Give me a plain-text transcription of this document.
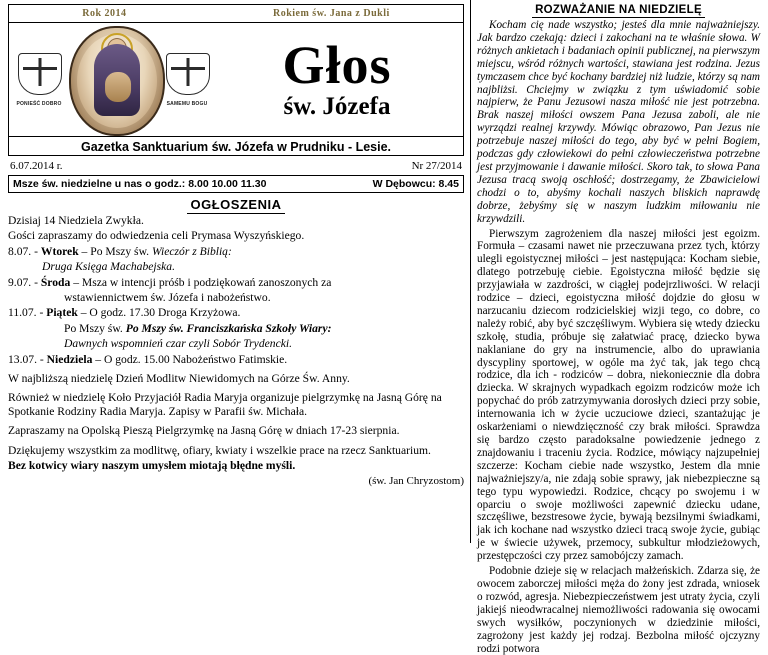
Rok 2014	Rokiem św. Jana z Dukli
PONIEŚĆ DOBRO	SAMEMU BOGU
Głos
św. Józefa
Gazetka Sanktuarium św. Józefa w Prudniku - Lesie.
6.07.2014 r.	Nr 27/2014
Msze św. niedzielne u nas o godz.: 8.00 10.00 11.30	W Dębowcu: 8.45
OGŁOSZENIA

Dzisiaj 14 Niedziela Zwykła.

Gości zapraszamy do odwiedzenia celi Prymasa Wyszyńskiego.

8.07. - Wtorek – Po Mszy św. Wieczór z Biblią:

Druga Księga Machabejska.

9.07. - Środa – Msza w intencji próśb i podziękowań zanoszonych za

wstawiennictwem św. Józefa i nabożeństwo.

11.07. - Piątek – O godz. 17.30 Droga Krzyżowa.

Po Mszy św. Po Mszy św. Franciszkańska Szkoły Wiary:

Dawnych wspomnień czar czyli Sobór Trydencki.

13.07. - Niedziela – O godz. 15.00 Nabożeństwo Fatimskie.

W najbliższą niedzielę Dzień Modlitw Niewidomych na Górze Św. Anny.

Również w niedzielę Koło Przyjaciół Radia Maryja organizuje pielgrzymkę na Jasną Górę na Spotkanie Rodziny Radia Maryja. Zapisy w Parafii św. Michała.

Zapraszamy na Opolską Pieszą Pielgrzymkę na Jasną Górę w dniach 17-23 sierpnia.

Dziękujemy wszystkim za modlitwę, ofiary, kwiaty i wszelkie prace na rzecz Sanktuarium.

Bez kotwicy wiary naszym umysłem miotają błędne myśli.

(św. Jan Chryzostom)

ROZWAŻANIE NA NIEDZIELĘ

Kocham cię nade wszystko; jesteś dla mnie najważniejszy. Jak bardzo czekają: dzieci i zakochani na te właśnie słowa. W różnych ankietach i badaniach opinii publicznej, na pierwszym miejscu, wśród różnych wartości, stawiana jest rodzina. Jezus tymczasem chce być kochany bardziej niż ludzie, którzy są nam najbliżsi. Chciejmy w związku z tym uświadomić sobie najpierw, że Panu Jezusowi nasza miłość nie jest potrzebna. Brak naszej miłości owszem Pana Jezusa zaboli, ale nie wyrządzi realnej krzywdy. Mówiąc obrazowo, Pan Jezus nie potrzebuje naszej miłości do tego, aby być w pełni Bogiem, podczas gdy człowiekowi do pełni człowieczeństwa potrzebne jest przyjmowanie i dawanie miłości. Skoro tak, to słowa Pana Jezusa tracą swoją oschłość; dostrzegamy, że Zbawicielowi chodzi o to, abyśmy kochali naszych bliskich naprawdę dobrze, żebyśmy się w naszym ludzkim miłowaniu nie krzywdzili.

Pierwszym zagrożeniem dla naszej miłości jest egoizm. Formuła – czasami nawet nie przeczuwana przez tych, którzy ulegli egoistycznej miłości – jest następująca: Kocham siebie, dlatego potrzebuję ciebie. Egoistyczna miłość będzie się przyjawiała w zazdrości, w ciągłej podejrzliwości. W relacji rodzice – dzieci, egoistyczna miłość dojdzie do głosu w narzucaniu dziecom rodzicielskiej wizji tego, co dobre, co należy robić, aby być szczęśliwym. Wybiera się wtedy dziecku szkołę, studia, próbuje się załatwiać pracę, dziecko bywa naklaniane do gry na instrumencie, albo do uprawiania dyscypliny sportowej, w ogóle ma żyć tak, jak tego chcą rodzice, dla ich - rodziców – dobra, niekoniecznie dla dobra dziecka. W skrajnych wypadkach egoizm rodziców może ich popychać do prób zatrzymywania dorosłych dzieci przy sobie, internowania ich w życie uczuciowe dzieci, szantażując je oskarżeniami o niewdzięczność czy brak miłości. Sprawdza się bardzo często paradoksalne powiedzenie jednego z znajdowaniu i traceniu życia. Rodzice, mówiący najzupełniej szczerze: Kocham ciebie nade wszystko, Jestem dla mnie najważniejszy/a, nie zdają sobie sprawy, jak niebezpieczne są tego typu wypowiedzi. Rodzice, chcący po swojemu i w oparciu o swoje możliwości zapewnić dziecku udane, szczęśliwe, bezstresowe życie, bywają bezsilnymi świadkami, jak ich kochane nad wszystko dzieci tracą swoje życie, gubiąc je w świecie używek, przemocy, subkultur młodzieżowych, przestępczości czy przez samobójczy zamach.

Podobnie dzieje się w relacjach małżeńskich. Zdarza się, że owocem zaborczej miłości męża do żony jest zdrada, wniosek o rozwód, agresja. Niebezpieczeństwem jest utraty życia, czyli jakiejś nieodwracalnej niemożliwości radowania się owocami swych wysiłków, poczynionych w dziedzinie miłości, zagrożony jest każdy jej rodzaj. Bezbolna miłość ojczyzny rodzi potwora
